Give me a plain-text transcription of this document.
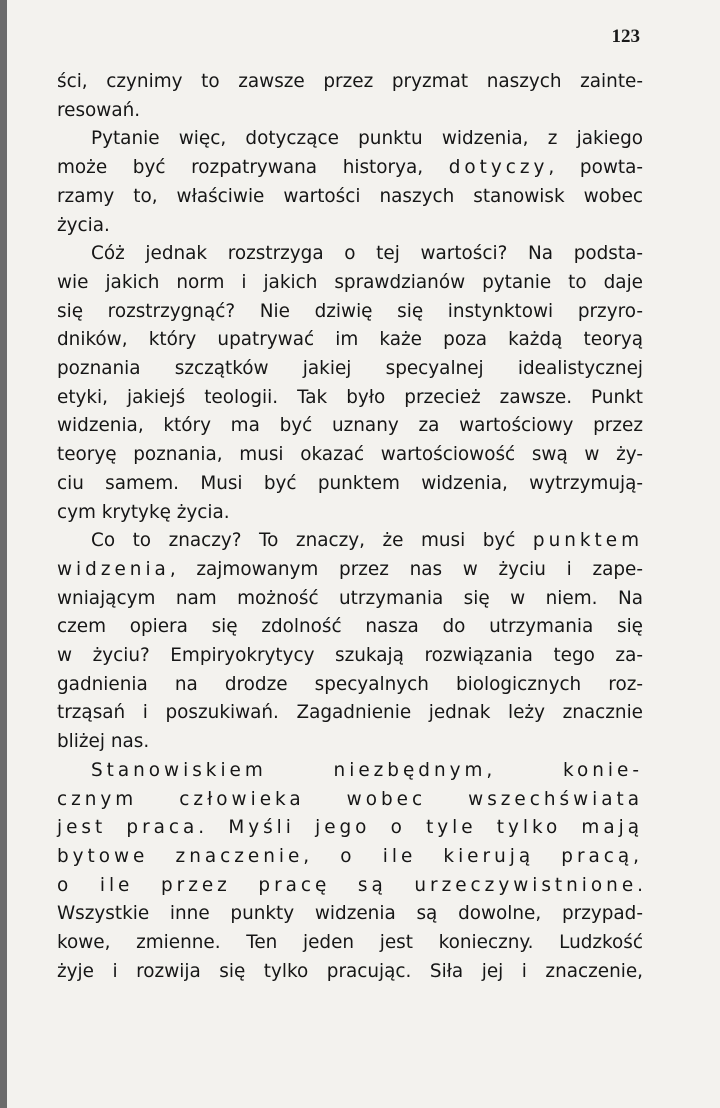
123
ści, czynimy to zawsze przez pryzmat naszych zainte-
resowań.
Pytanie więc, dotyczące punktu widzenia, z jakiego
może być rozpatrywana historya, dotyczy, powta-
rzamy to, właściwie wartości naszych stanowisk wobec
życia.
Cóż jednak rozstrzyga o tej wartości? Na podsta-
wie jakich norm i jakich sprawdzianów pytanie to daje
się rozstrzygnąć? Nie dziwię się instynktowi przyro-
dników, który upatrywać im każe poza każdą teoryą
poznania szczątków jakiej specyalnej idealistycznej
etyki, jakiejś teologii. Tak było przecież zawsze. Punkt
widzenia, który ma być uznany za wartościowy przez
teoryę poznania, musi okazać wartościowość swą w ży-
ciu samem. Musi być punktem widzenia, wytrzymują-
cym krytykę życia.
Co to znaczy? To znaczy, że musi być punktem
widzenia, zajmowanym przez nas w życiu i zape-
wniającym nam możność utrzymania się w niem. Na
czem opiera się zdolność nasza do utrzymania się
w życiu? Empiryokrytycy szukają rozwiązania tego za-
gadnienia na drodze specyalnych biologicznych roz-
trząsań i poszukiwań. Zagadnienie jednak leży znacznie
bliżej nas.
Stanowiskiem niezbędnym, konie-
cznym człowieka wobec wszechświata
jest praca. Myśli jego o tyle tylko mają
bytowe znaczenie, o ile kierują pracą,
o ile przez pracę są urzeczywistnione.
Wszystkie inne punkty widzenia są dowolne, przypad-
kowe, zmienne. Ten jeden jest konieczny. Ludzkość
żyje i rozwija się tylko pracując. Siła jej i znaczenie,
